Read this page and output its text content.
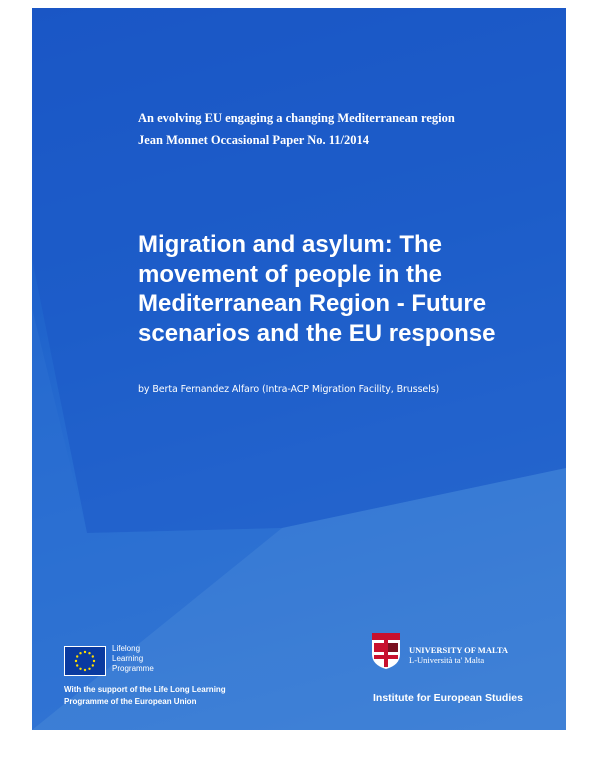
An evolving EU engaging a changing Mediterranean region
Jean Monnet Occasional Paper No. 11/2014
Migration and asylum: The movement of people in the Mediterranean Region - Future scenarios and the EU response
by Berta Fernandez Alfaro (Intra-ACP Migration Facility, Brussels)
Lifelong
Learning
Programme
With the support of the Life Long Learning
Programme of the European Union
UNIVERSITY OF MALTA
L-Università ta' Malta
Institute for European Studies
